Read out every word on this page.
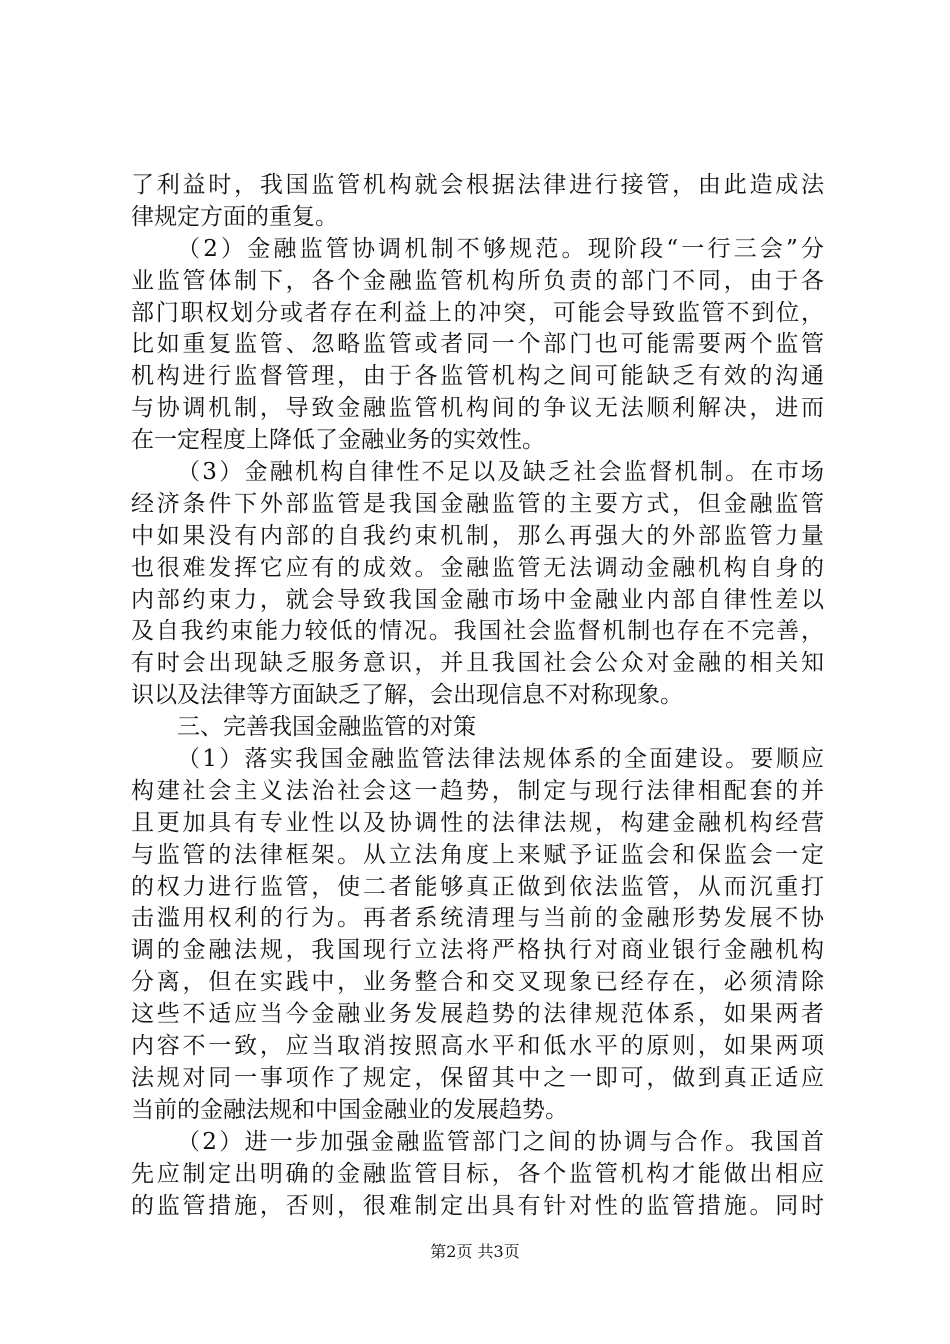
了利益时，我国监管机构就会根据法律进行接管，由此造成法
律规定方面的重复。
（2）金融监管协调机制不够规范。现阶段“一行三会”分
业监管体制下，各个金融监管机构所负责的部门不同，由于各
部门职权划分或者存在利益上的冲突，可能会导致监管不到位，
比如重复监管、忽略监管或者同一个部门也可能需要两个监管
机构进行监督管理，由于各监管机构之间可能缺乏有效的沟通
与协调机制，导致金融监管机构间的争议无法顺利解决，进而
在一定程度上降低了金融业务的实效性。
（3）金融机构自律性不足以及缺乏社会监督机制。在市场
经济条件下外部监管是我国金融监管的主要方式，但金融监管
中如果没有内部的自我约束机制，那么再强大的外部监管力量
也很难发挥它应有的成效。金融监管无法调动金融机构自身的
内部约束力，就会导致我国金融市场中金融业内部自律性差以
及自我约束能力较低的情况。我国社会监督机制也存在不完善，
有时会出现缺乏服务意识，并且我国社会公众对金融的相关知
识以及法律等方面缺乏了解，会出现信息不对称现象。
三、完善我国金融监管的对策
（1）落实我国金融监管法律法规体系的全面建设。要顺应
构建社会主义法治社会这一趋势，制定与现行法律相配套的并
且更加具有专业性以及协调性的法律法规，构建金融机构经营
与监管的法律框架。从立法角度上来赋予证监会和保监会一定
的权力进行监管，使二者能够真正做到依法监管，从而沉重打
击滥用权利的行为。再者系统清理与当前的金融形势发展不协
调的金融法规，我国现行立法将严格执行对商业银行金融机构
分离，但在实践中，业务整合和交叉现象已经存在，必须清除
这些不适应当今金融业务发展趋势的法律规范体系，如果两者
内容不一致，应当取消按照高水平和低水平的原则，如果两项
法规对同一事项作了规定，保留其中之一即可，做到真正适应
当前的金融法规和中国金融业的发展趋势。
（2）进一步加强金融监管部门之间的协调与合作。我国首
先应制定出明确的金融监管目标，各个监管机构才能做出相应
的监管措施，否则，很难制定出具有针对性的监管措施。同时
第2页 共3页
